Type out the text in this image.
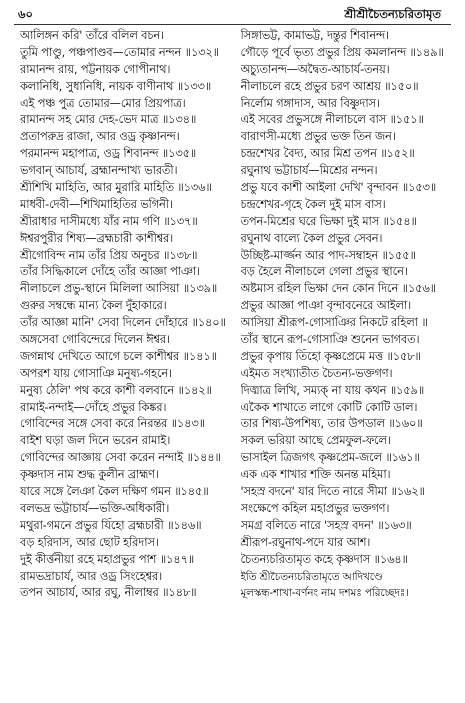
৬০	শ্রীশ্রীচৈতন্যচরিতামৃত
আলিঙ্গন করি' তাঁরে বলিল বচন।
তুমি পাণ্ডু, পঞ্চপাণ্ডব—তোমার নন্দন ॥১৩২॥
রামানন্দ রায়, পট্টনায়ক গোপীনাথ।
কলানিধি, সুধানিধি, নায়ক বাণীনাথ ॥১৩৩॥
এই পঞ্চ পুত্র তোমার—মোর প্রিয়পাত্র।
রামানন্দ সহ মোর দেহ-ভেদ মাত্র ॥১৩৪॥
প্রতাপরুদ্র রাজা, আর ওড্র কৃষ্ণানন্দ।
পরমানন্দ মহাপাত্র, ওড্র শিবানন্দ ॥১৩৫॥
ভগবান্ আচার্য, ব্রহ্মানন্দাখ্য ভারতী।
শ্রীশিখি মাহিতি, আর মুরারি মাহিতি ॥১৩৬॥
মাধবী-দেবী—শিখিমাহিতির ভগিনী।
শ্রীরাধার দাসীমধ্যে যাঁর নাম গণি ॥১৩৭॥
ঈশ্বরপুরীর শিষ্য—ব্রহ্মচারী কাশীশ্বর।
শ্রীগোবিন্দ নাম তাঁর প্রিয় অনুচর ॥১৩৮॥
তাঁর সিদ্ধিকালে দোঁহে তাঁর আজ্ঞা পাঞা।
নীলাচলে প্রভু-স্থানে মিলিলা আসিয়া ॥১৩৯॥
গুরুর সম্বন্ধে মান্য কৈল দুঁহাকারে।
তাঁর আজ্ঞা মানি' সেবা দিলেন দোঁহারে ॥১৪০॥
অঙ্গসেবা গোবিন্দেরে দিলেন ঈশ্বর।
জগন্নাথ দেখিতে আগে চলে কাশীশ্বর ॥১৪১॥
অপরশ যায় গোসাঞি মনুষ্য-গহনে।
মনুষ্য ঠেলি' পথ করে কাশী বলবানে ॥১৪২॥
রামাই-নন্দাই—দোঁহে প্রভুর কিঙ্কর।
গোবিন্দের সঙ্গে সেবা করে নিরন্তর ॥১৪৩॥
বাইশ ঘড়া জল দিনে ভরেন রামাই।
গোবিন্দের আজ্ঞায় সেবা করেন নন্দাই ॥১৪৪॥
কৃষ্ণদাস নাম শুদ্ধ কুলীন ব্রাহ্মণ।
যারে সঙ্গে লৈঞা কৈল দক্ষিণ গমন ॥১৪৫॥
বলভদ্র ভট্টাচার্য—ভক্তি-অধিকারী।
মথুরা-গমনে প্রভুর যিঁহো ব্রহ্মচারী ॥১৪৬॥
বড় হরিদাস, আর ছোট হরিদাস।
দুই কীর্ত্তনীয়া রহে মহাপ্রভুর পাশ ॥১৪৭॥
রামভদ্রাচার্য, আর ওড্র সিংহেশ্বর।
তপন আচার্য, আর রঘু, নীলাম্বর ॥১৪৮॥
সিঙ্গাভট্ট, কামাভট্ট, দন্তুর শিবানন্দ।
গৌড়ে পূর্বে ভৃত্য প্রভুর প্রিয় কমলানন্দ ॥১৪৯॥
অচ্যুতানন্দ—অদ্বৈত-আচার্য-তনয়।
নীলাচলে রহে প্রভুর চরণ আশ্রয় ॥১৫০॥
নির্লোম গঙ্গাদাস, আর বিষ্ণুদাস।
এই সবের প্রভুসঙ্গে নীলাচলে বাস ॥১৫১॥
বারাণসী-মধ্যে প্রভুর ভক্ত তিন জন।
চন্দ্রশেখর বৈদ্য, আর মিশ্র তপন ॥১৫২॥
রঘুনাথ ভট্টাচার্য—মিশ্রের নন্দন।
প্রভু যবে কাশী আইলা দেখি' বৃন্দাবন ॥১৫৩॥
চন্দ্রশেখর-গৃহে কৈল দুই মাস বাস।
তপন-মিশ্রের ঘরে ভিক্ষা দুই মাস ॥১৫৪॥
রঘুনাথ বাল্যে কৈল প্রভুর সেবন।
উচ্ছিষ্ট-মার্জ্জন আর পাদ-সম্বাহন ॥১৫৫॥
বড় হৈলে নীলাচলে গেলা প্রভুর স্থানে।
অষ্টমাস রহিল ভিক্ষা দেন কোন দিনে ॥১৫৬॥
প্রভুর আজ্ঞা পাঞা বৃন্দাবনেরে আইলা।
আসিয়া শ্রীরূপ-গোসাঞির নিকটে রহিলা ॥
তাঁর স্থানে রূপ-গোসাঞি শুনেন ভাগবত।
প্রভুর কৃপায় তিঁহো কৃষ্ণপ্রেমে মত্ত ॥১৫৮॥
এইমত সংখ্যাতীত চৈতন্য-ভক্তগণ।
দিঙ্মাত্র লিখি, সম্যক্ না যায় কথন ॥১৫৯॥
একৈক শাখাতে লাগে কোটি কোটি ডাল।
তার শিষ্য-উপশিষ্য, তার উপডাল ॥১৬০॥
সকল ভরিয়া আছে প্রেমফুল-ফলে।
ভাসাইল ত্রিজগৎ কৃষ্ণপ্রেম-জলে ॥১৬১॥
এক এক শাখার শক্তি অনন্ত মহিমা।
'সহস্র বদনে' যার দিতে নারে সীমা ॥১৬২॥
সংক্ষেপে কহিল মহাপ্রভুর ভক্তগণ।
সমগ্র বলিতে নারে 'সহস্র বদন' ॥১৬৩॥
শ্রীরূপ-রঘুনাথ-পদে যার আশ।
চৈতন্যচরিতামৃত কহে কৃষ্ণদাস ॥১৬৪॥
ইতি শ্রীচৈতন্যচরিতামৃতে আদিখণ্ডে
মূলস্কন্ধ-শাখা-বর্ণনং নাম দশমঃ পরিচ্ছেদঃ।
